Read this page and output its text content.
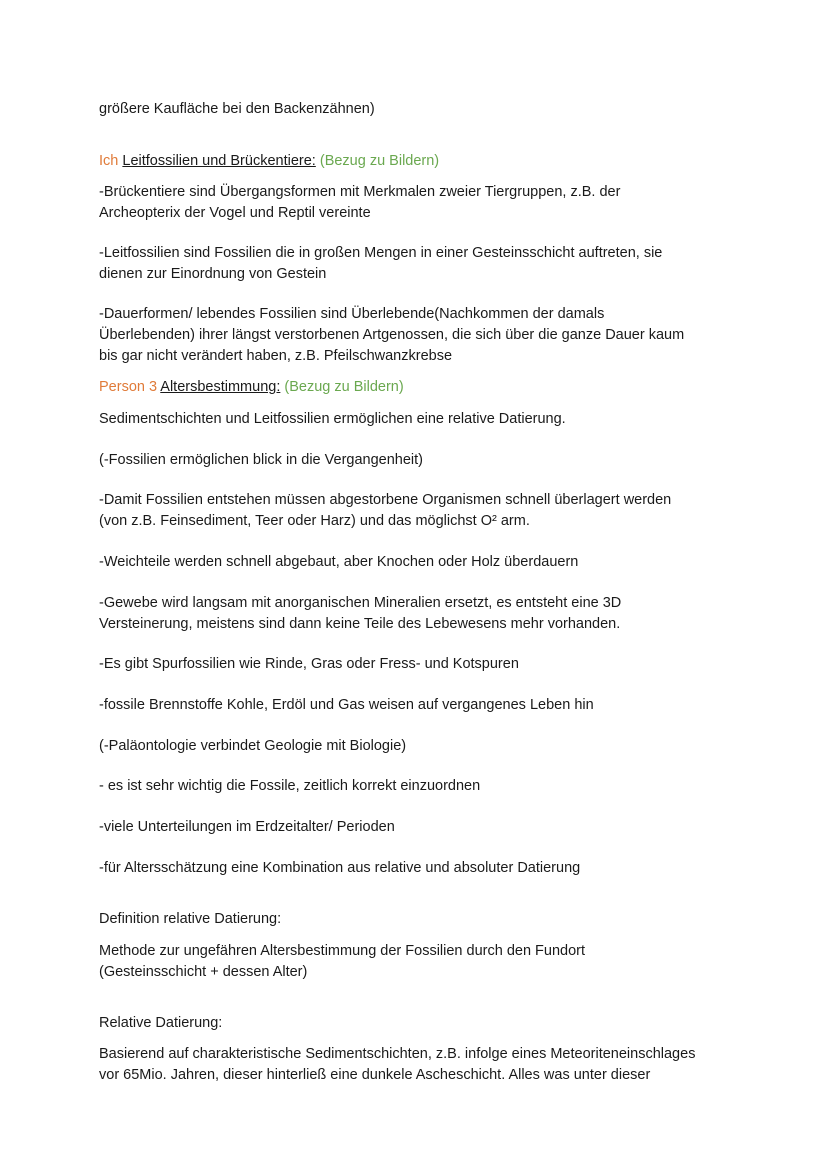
größere Kaufläche bei den Backenzähnen)
Ich Leitfossilien und Brückentiere: (Bezug zu Bildern)
-Brückentiere sind Übergangsformen mit Merkmalen zweier Tiergruppen, z.B. der
Archeopterix der Vogel und Reptil vereinte
-Leitfossilien sind Fossilien die in großen Mengen in einer Gesteinsschicht auftreten, sie
dienen zur Einordnung von Gestein
-Dauerformen/ lebendes Fossilien sind Überlebende(Nachkommen der damals
Überlebenden) ihrer längst verstorbenen Artgenossen, die sich über die ganze Dauer kaum
bis gar nicht verändert haben, z.B. Pfeilschwanzkrebse
Person 3 Altersbestimmung: (Bezug zu Bildern)
Sedimentschichten und Leitfossilien ermöglichen eine relative Datierung.
(-Fossilien ermöglichen blick in die Vergangenheit)
-Damit Fossilien entstehen müssen abgestorbene Organismen schnell überlagert werden
(von z.B. Feinsediment, Teer oder Harz) und das möglichst O² arm.
-Weichteile werden schnell abgebaut, aber Knochen oder Holz überdauern
-Gewebe wird langsam mit anorganischen Mineralien ersetzt, es entsteht eine 3D
Versteinerung, meistens sind dann keine Teile des Lebewesens mehr vorhanden.
-Es gibt Spurfossilien wie Rinde, Gras oder Fress- und Kotspuren
-fossile Brennstoffe Kohle, Erdöl und Gas weisen auf vergangenes Leben hin
(-Paläontologie verbindet Geologie mit Biologie)
- es ist sehr wichtig die Fossile, zeitlich korrekt einzuordnen
-viele Unterteilungen im Erdzeitalter/ Perioden
-für Altersschätzung eine Kombination aus relative und absoluter Datierung
Definition relative Datierung:
Methode zur ungefähren Altersbestimmung der Fossilien durch den Fundort
(Gesteinsschicht + dessen Alter)
Relative Datierung:
Basierend auf charakteristische Sedimentschichten, z.B. infolge eines Meteoriteneinschlages
vor 65Mio. Jahren, dieser hinterließ eine dunkele Ascheschicht. Alles was unter dieser
